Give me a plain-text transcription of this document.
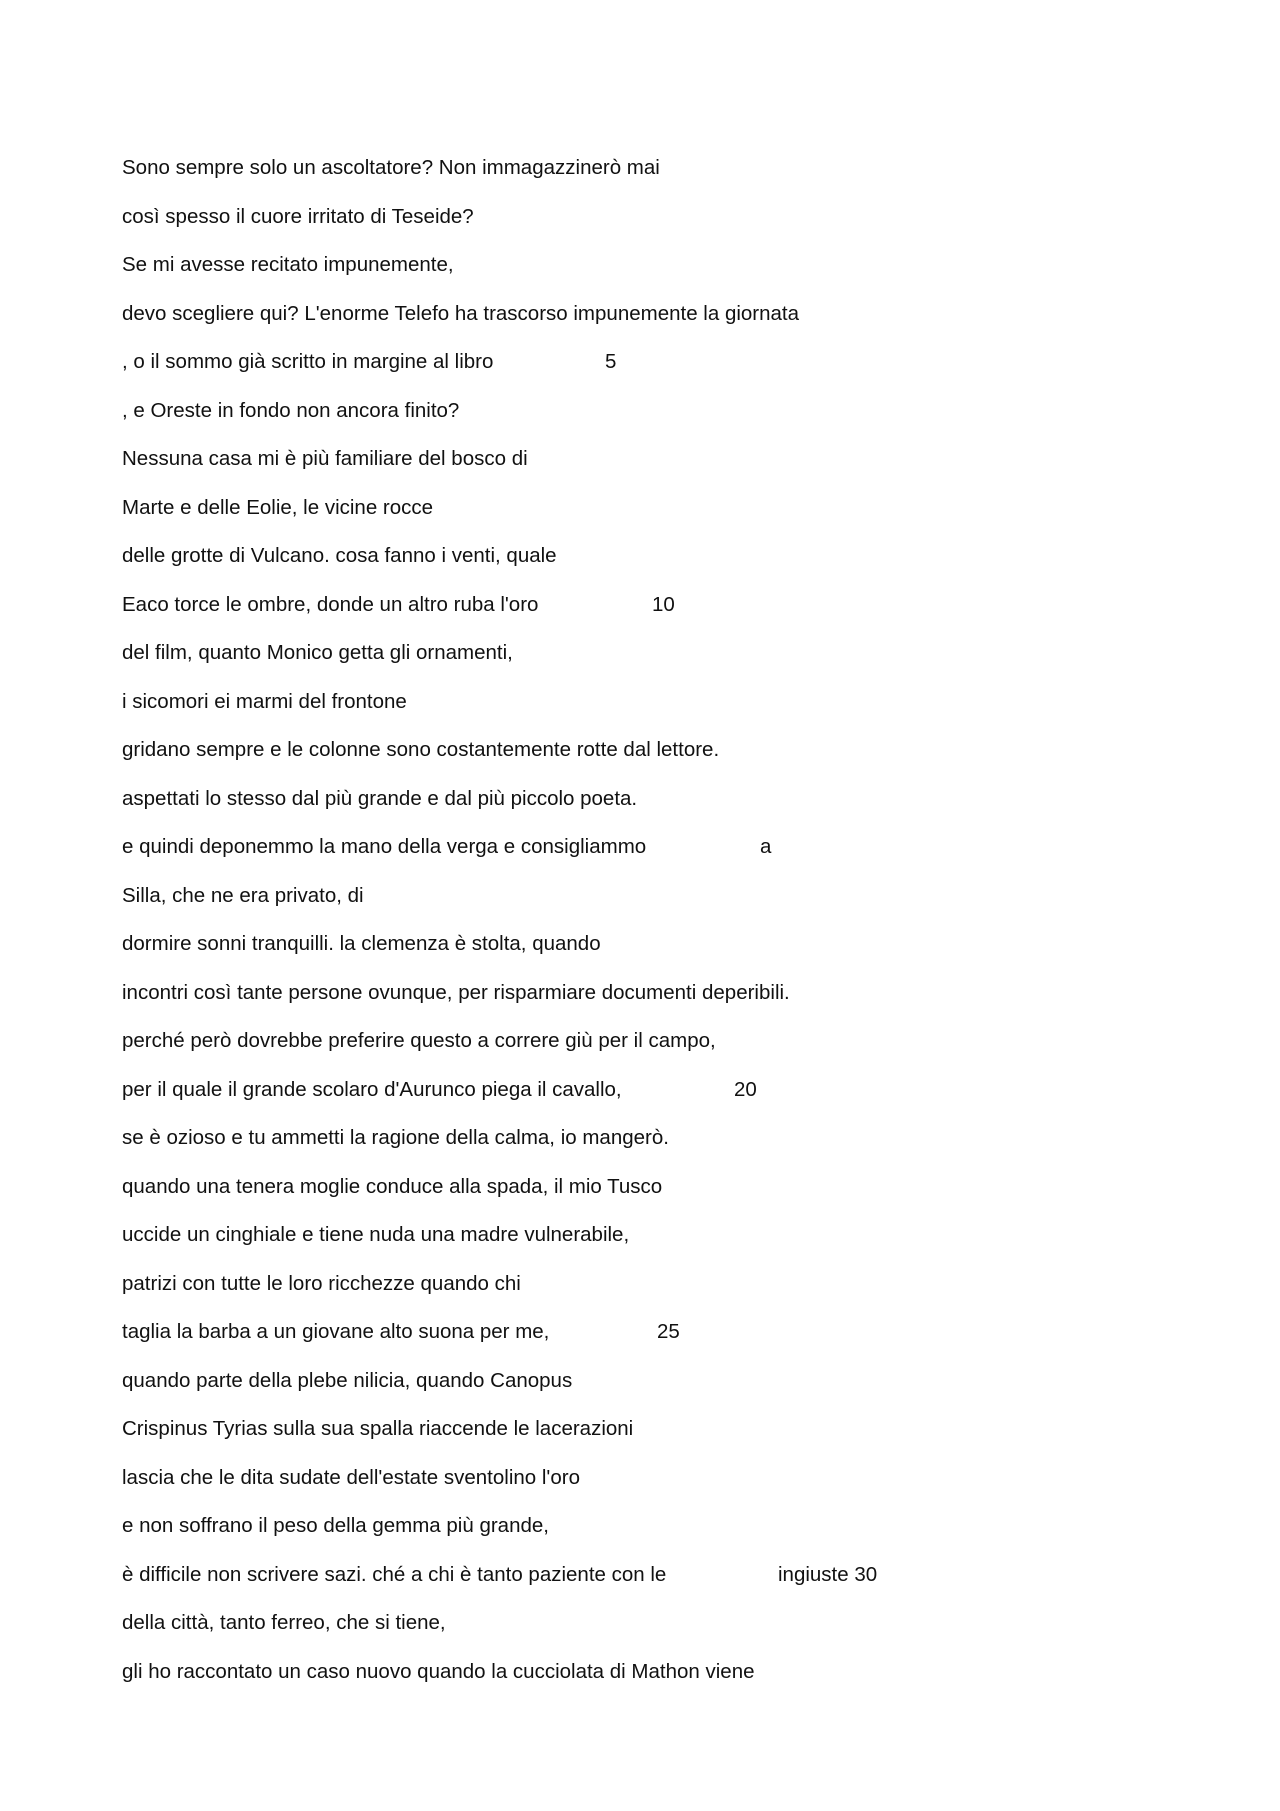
Sono sempre solo un ascoltatore? Non immagazzinerò mai
così spesso il cuore irritato di Teseide?
Se mi avesse recitato impunemente,
devo scegliere qui? L'enorme Telefo ha trascorso impunemente la giornata
, o il sommo già scritto in margine al libro	5
, e Oreste in fondo non ancora finito?
Nessuna casa mi è più familiare del bosco di
Marte e delle Eolie, le vicine rocce
delle grotte di Vulcano. cosa fanno i venti, quale
Eaco torce le ombre, donde un altro ruba l'oro	10
del film, quanto Monico getta gli ornamenti,
i sicomori ei marmi del frontone
gridano sempre e le colonne sono costantemente rotte dal lettore.
aspettati lo stesso dal più grande e dal più piccolo poeta.
e quindi deponemmo la mano della verga e consigliammo	a
Silla, che ne era privato, di
dormire sonni tranquilli. la clemenza è stolta, quando
incontri così tante persone ovunque, per risparmiare documenti deperibili.
perché però dovrebbe preferire questo a correre giù per il campo,
per il quale il grande scolaro d'Aurunco piega il cavallo,	20
se è ozioso e tu ammetti la ragione della calma, io mangerò.
quando una tenera moglie conduce alla spada, il mio Tusco
uccide un cinghiale e tiene nuda una madre vulnerabile,
patrizi con tutte le loro ricchezze quando chi
taglia la barba a un giovane alto suona per me,	25
quando parte della plebe nilicia, quando Canopus
Crispinus Tyrias sulla sua spalla riaccende le lacerazioni
lascia che le dita sudate dell'estate sventolino l'oro
e non soffrano il peso della gemma più grande,
è difficile non scrivere sazi. ché a chi è tanto paziente con le	ingiuste 30
della città, tanto ferreo, che si tiene,
gli ho raccontato un caso nuovo quando la cucciolata di Mathon viene
